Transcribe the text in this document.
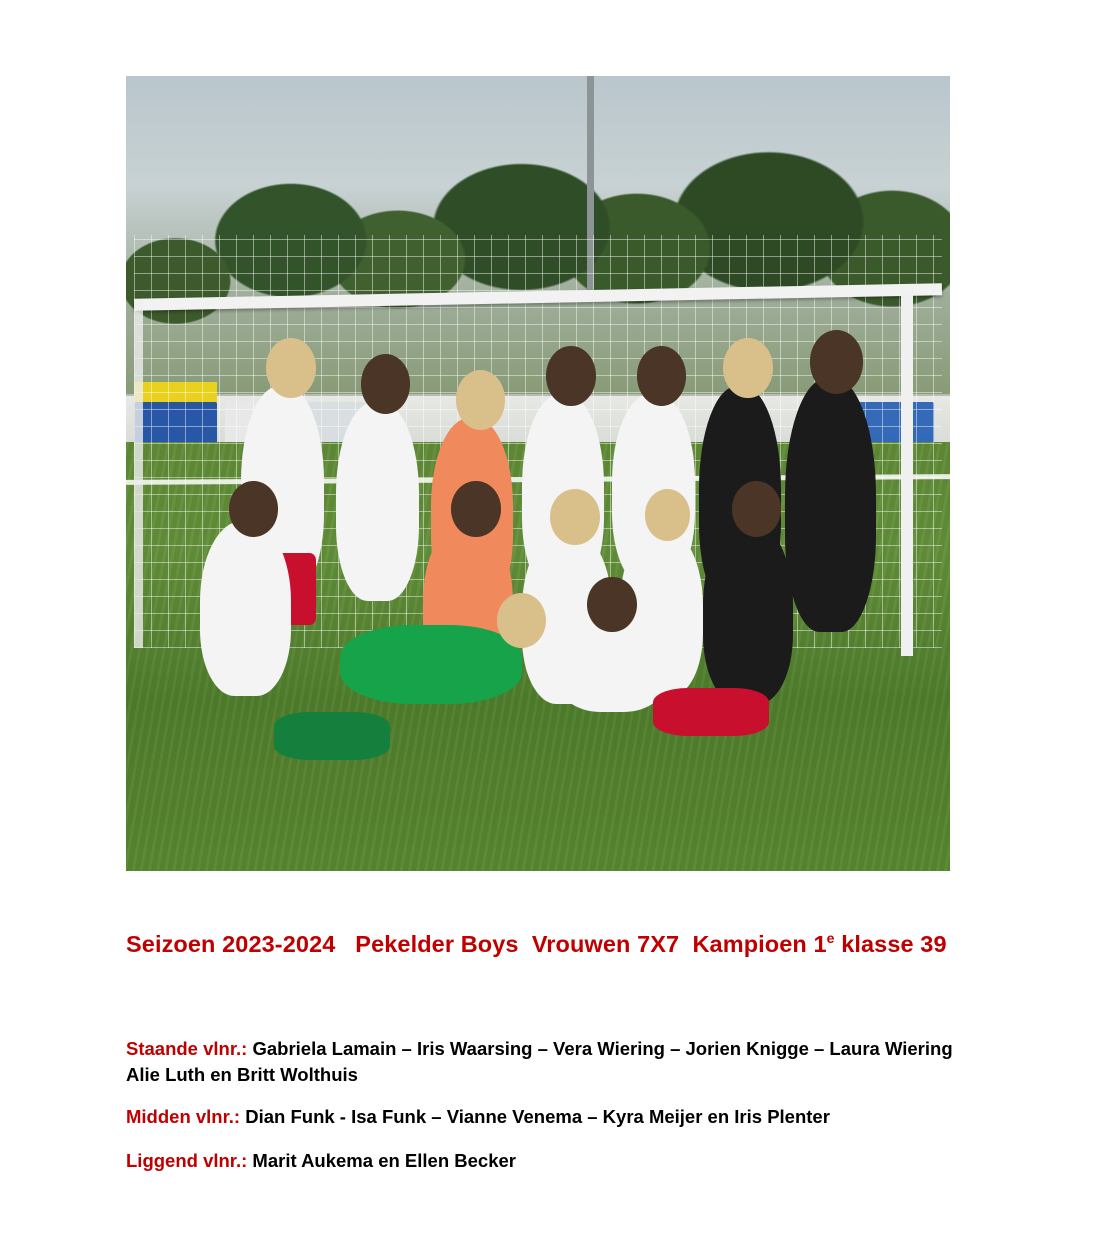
Seizoen 2023-2024   Pekelder Boys  Vrouwen 7X7  Kampioen 1e klasse 39
Staande vlnr.: Gabriela Lamain – Iris Waarsing – Vera Wiering – Jorien Knigge – Laura Wiering
Alie Luth en Britt Wolthuis
Midden vlnr.: Dian Funk - Isa Funk – Vianne Venema – Kyra Meijer en Iris Plenter
Liggend vlnr.: Marit Aukema en Ellen Becker
